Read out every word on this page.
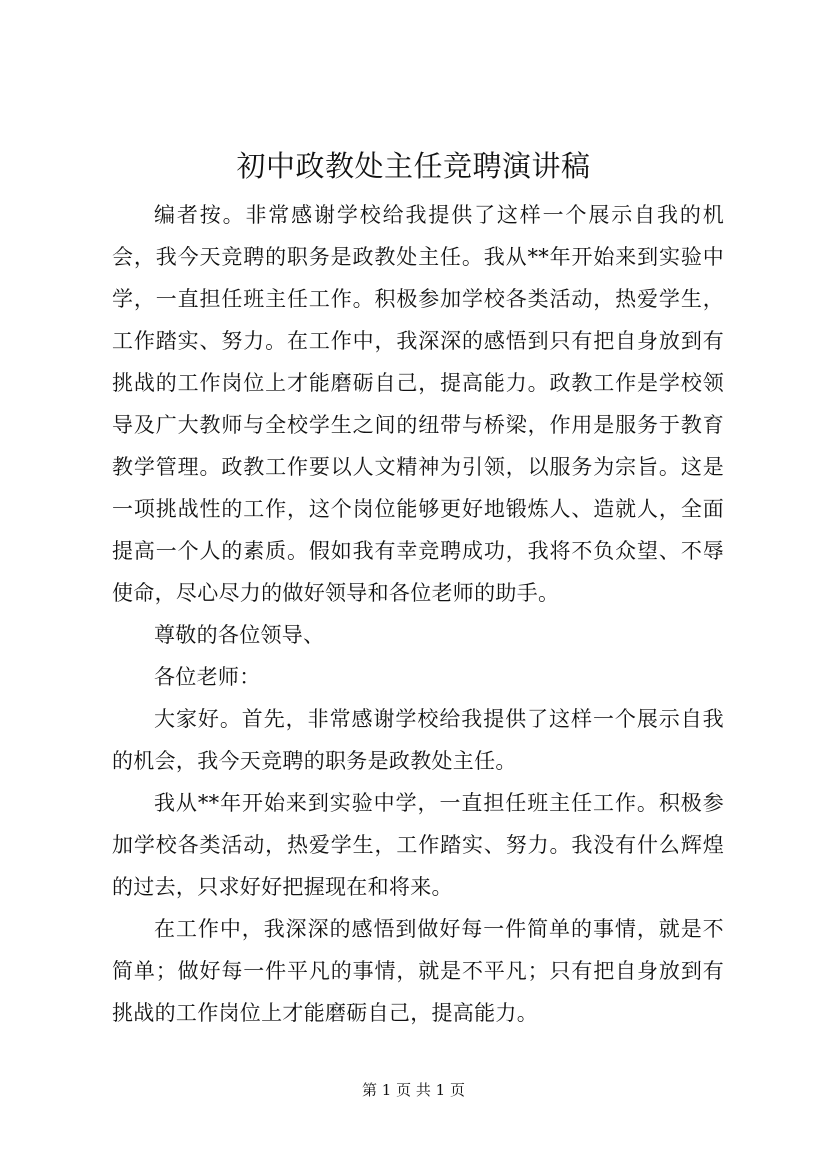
初中政教处主任竞聘演讲稿

编者按。非常感谢学校给我提供了这样一个展示自我的机会，我今天竞聘的职务是政教处主任。我从**年开始来到实验中学，一直担任班主任工作。积极参加学校各类活动，热爱学生，工作踏实、努力。在工作中，我深深的感悟到只有把自身放到有挑战的工作岗位上才能磨砺自己，提高能力。政教工作是学校领导及广大教师与全校学生之间的纽带与桥梁，作用是服务于教育教学管理。政教工作要以人文精神为引领，以服务为宗旨。这是一项挑战性的工作，这个岗位能够更好地锻炼人、造就人，全面提高一个人的素质。假如我有幸竞聘成功，我将不负众望、不辱使命，尽心尽力的做好领导和各位老师的助手。

尊敬的各位领导、

各位老师：

大家好。首先，非常感谢学校给我提供了这样一个展示自我的机会，我今天竞聘的职务是政教处主任。

我从**年开始来到实验中学，一直担任班主任工作。积极参加学校各类活动，热爱学生，工作踏实、努力。我没有什么辉煌的过去，只求好好把握现在和将来。

在工作中，我深深的感悟到做好每一件简单的事情，就是不简单；做好每一件平凡的事情，就是不平凡；只有把自身放到有挑战的工作岗位上才能磨砺自己，提高能力。

第 1 页 共 1 页
